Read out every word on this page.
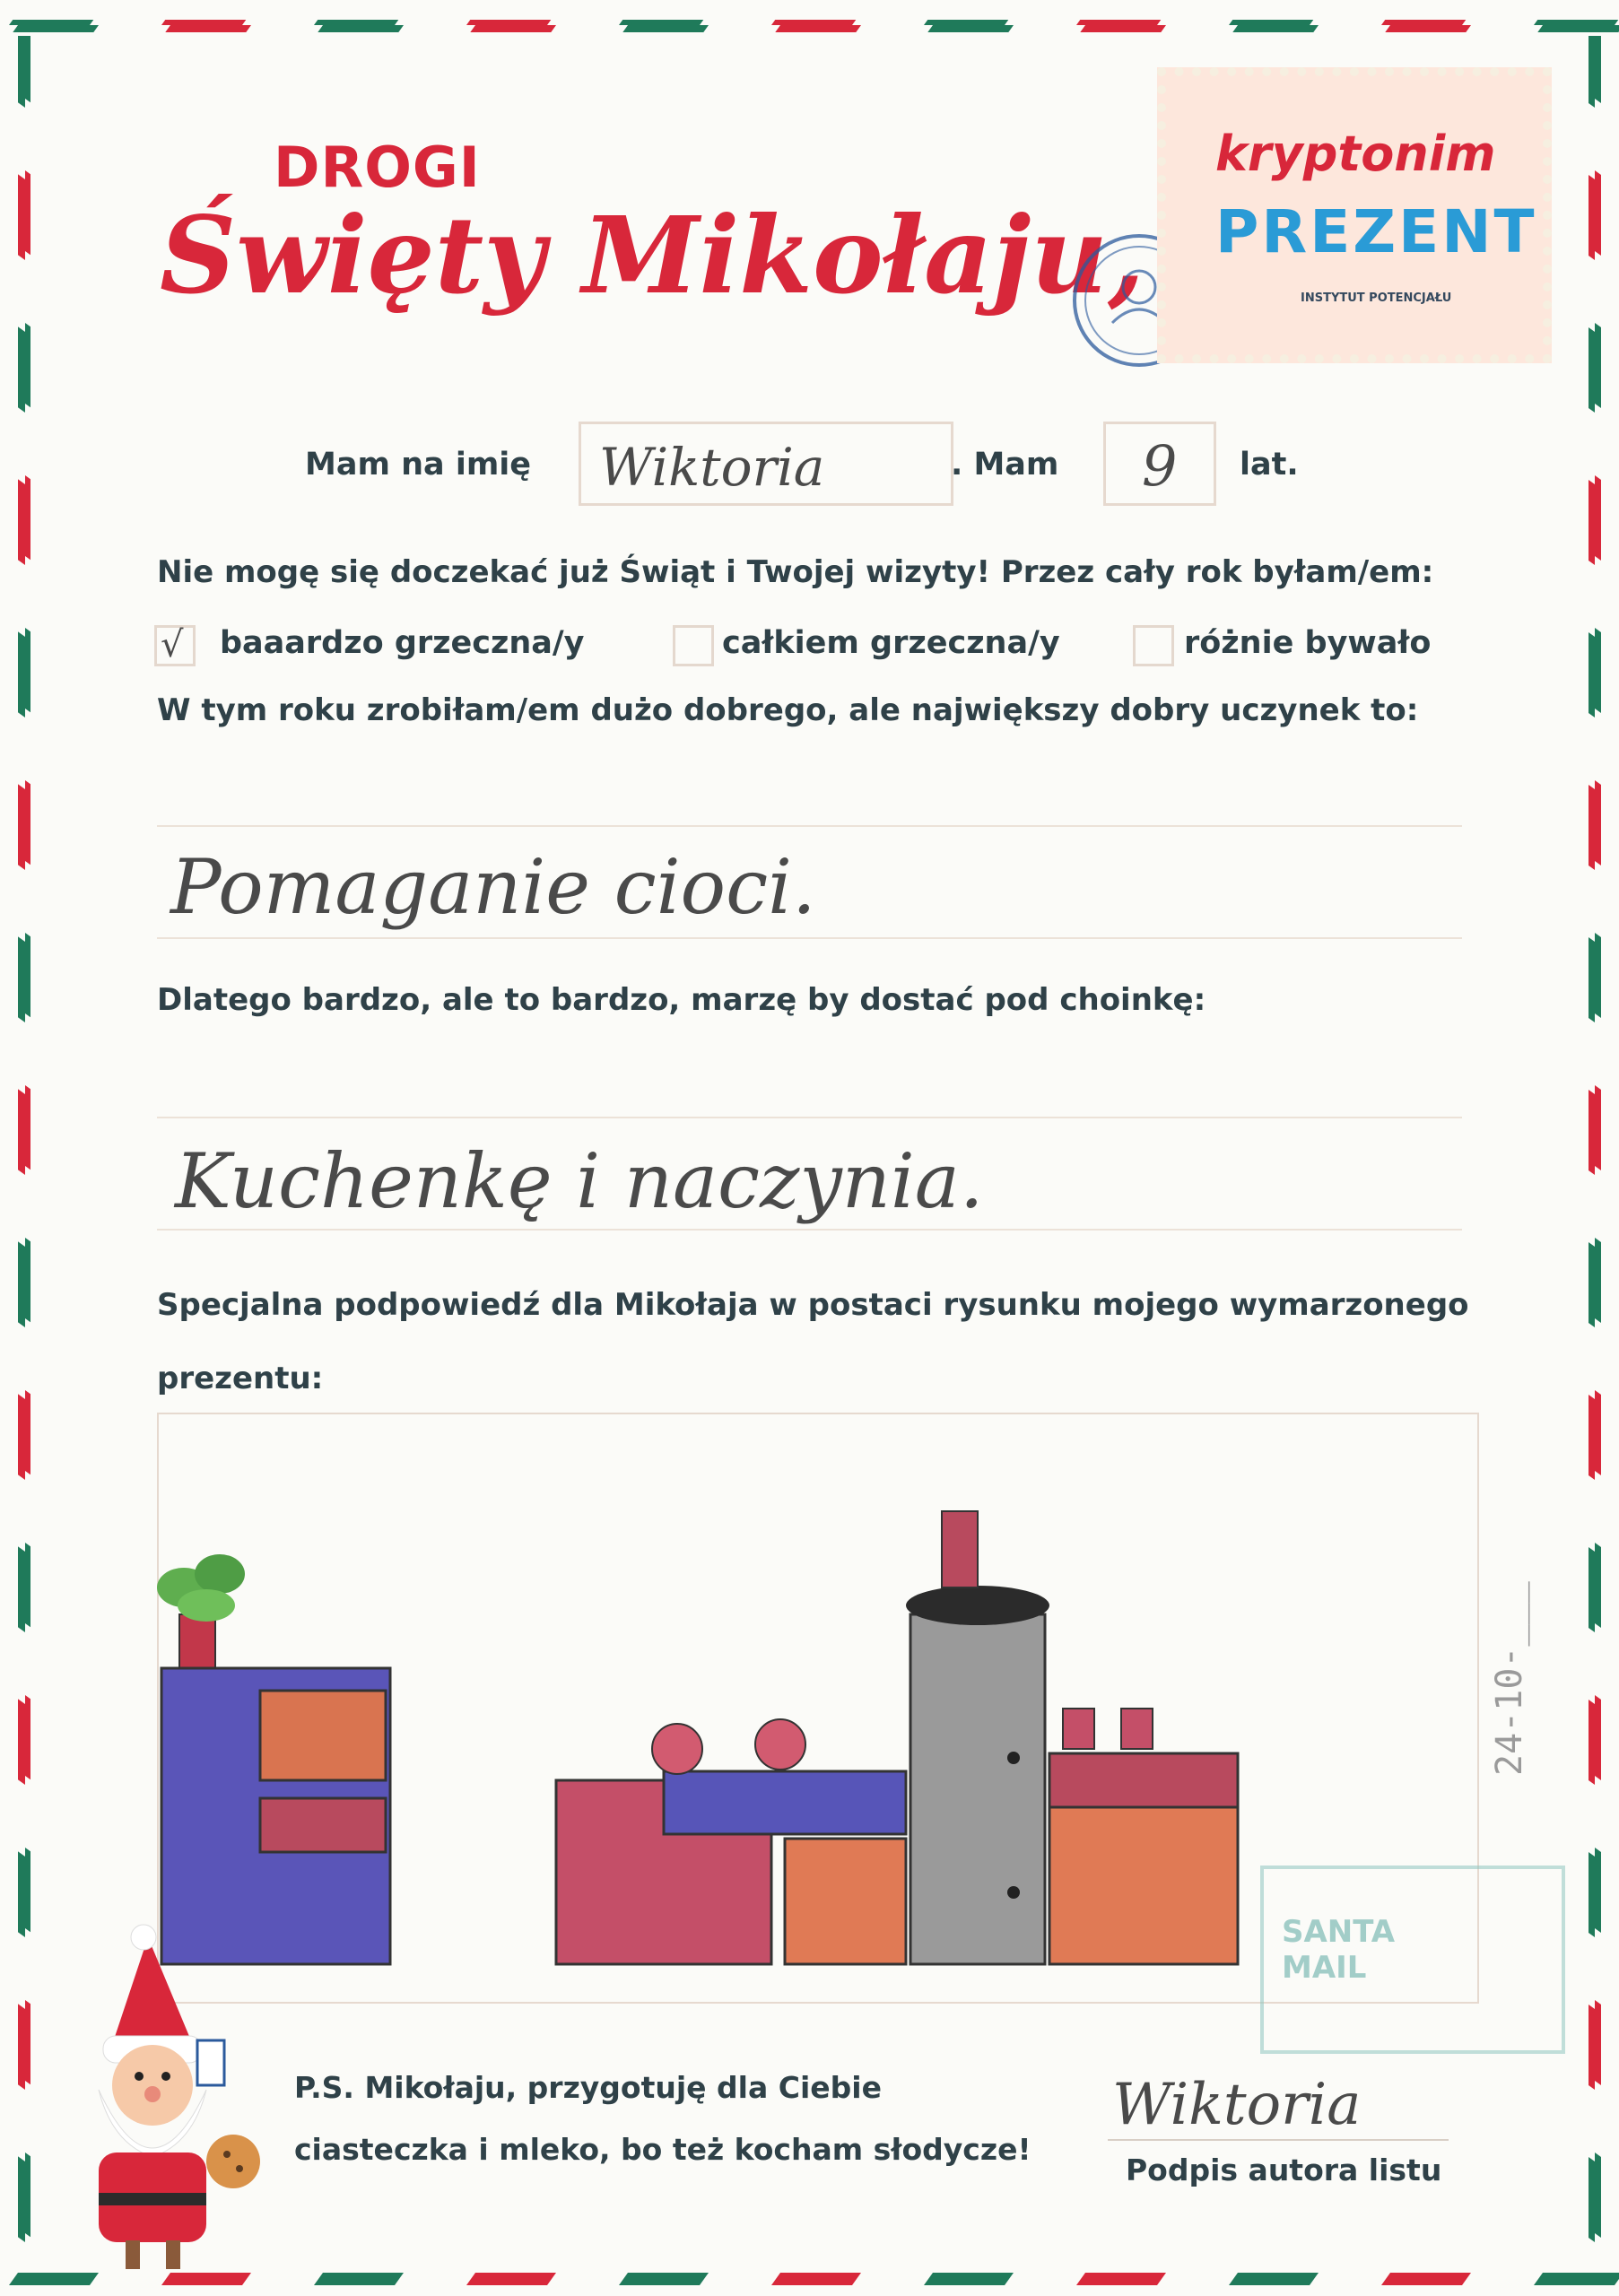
DROGI
Święty Mikołaju,
kryptonim
PREZENT
INSTYTUT POTENCJAŁU
Mam na imię Wiktoria	. Mam 9 lat.
Nie mogę się doczekać już Świąt i Twojej wizyty! Przez cały rok byłam/em:
√ baaardzo grzeczna/y	całkiem grzeczna/y	różnie bywało
W tym roku zrobiłam/em dużo dobrego, ale największy dobry uczynek to:
Pomaganie cioci.
Dlatego bardzo, ale to bardzo, marzę by dostać pod choinkę:
Kuchenkę i naczynia.
Specjalna podpowiedź dla Mikołaja w postaci rysunku mojego wymarzonego
prezentu:
24-10-___
SANTA MAIL
P.S. Mikołaju, przygotuję dla Ciebie
ciasteczka i mleko, bo też kocham słodycze!
Wiktoria
Podpis autora listu
